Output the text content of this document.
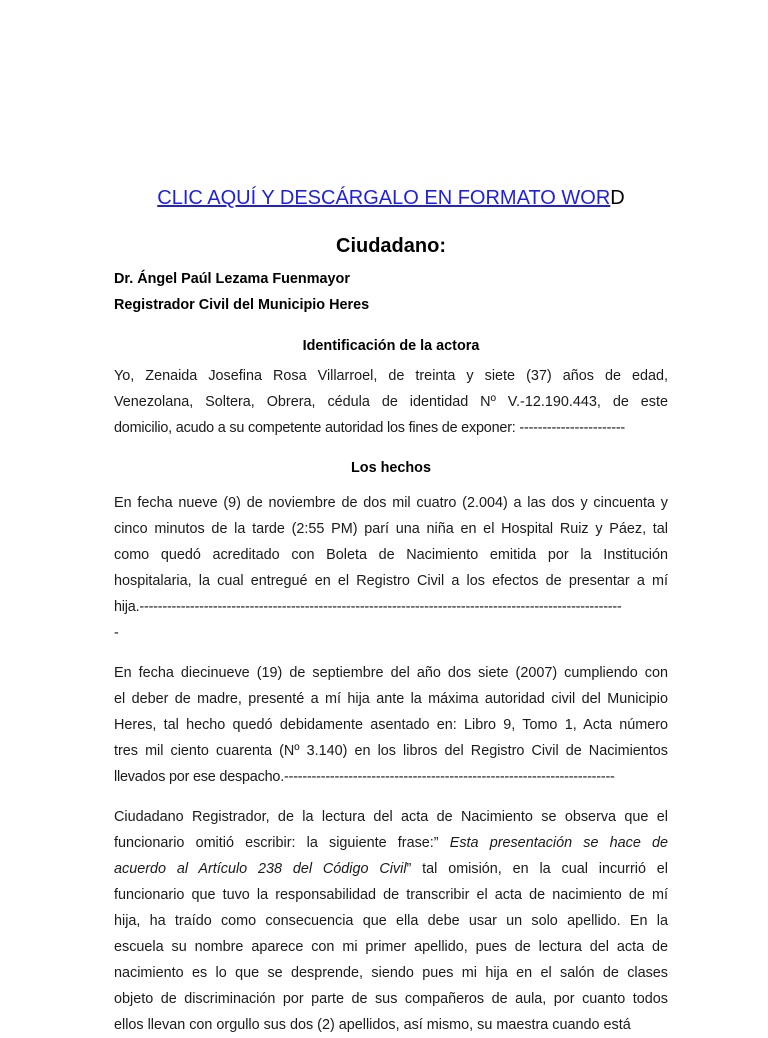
CLIC AQUÍ Y DESCÁRGALO EN FORMATO WORD
Ciudadano:
Dr. Ángel Paúl Lezama Fuenmayor
Registrador Civil del Municipio Heres
Identificación de la actora
Yo, Zenaida Josefina Rosa Villarroel, de treinta y siete (37) años de edad,
Venezolana, Soltera, Obrera, cédula de identidad Nº V.-12.190.443, de este
domicilio, acudo a su competente autoridad los fines de exponer: -----------------------
Los hechos
En fecha nueve (9) de noviembre de dos mil cuatro (2.004) a las dos y cincuenta y
cinco minutos de la tarde (2:55 PM) parí una niña en el Hospital Ruiz y Páez, tal
como quedó acreditado con Boleta de Nacimiento emitida por la Institución
hospitalaria, la cual entregué en el Registro Civil a los efectos de presentar a mí
hija.---------------------------------------------------------------------------------------------------------
-
En fecha diecinueve (19) de septiembre del año dos siete (2007) cumpliendo con
el deber de madre, presenté a mí hija ante la máxima autoridad civil del Municipio
Heres, tal hecho quedó debidamente asentado en: Libro 9, Tomo 1, Acta número
tres mil ciento cuarenta (Nº 3.140) en los libros del Registro Civil de Nacimientos
llevados por ese despacho.------------------------------------------------------------------------
Ciudadano Registrador, de la lectura del acta de Nacimiento se observa que el
funcionario omitió escribir: la siguiente frase:” Esta presentación se hace de
acuerdo al Artículo 238 del Código Civil” tal omisión, en la cual incurrió el
funcionario que tuvo la responsabilidad de transcribir el acta de nacimiento de mí
hija, ha traído como consecuencia que ella debe usar un solo apellido. En la
escuela su nombre aparece con mi primer apellido, pues de lectura del acta de
nacimiento es lo que se desprende, siendo pues mi hija en el salón de clases
objeto de discriminación por parte de sus compañeros de aula, por cuanto todos
ellos llevan con orgullo sus dos (2) apellidos, así mismo, su maestra cuando está
